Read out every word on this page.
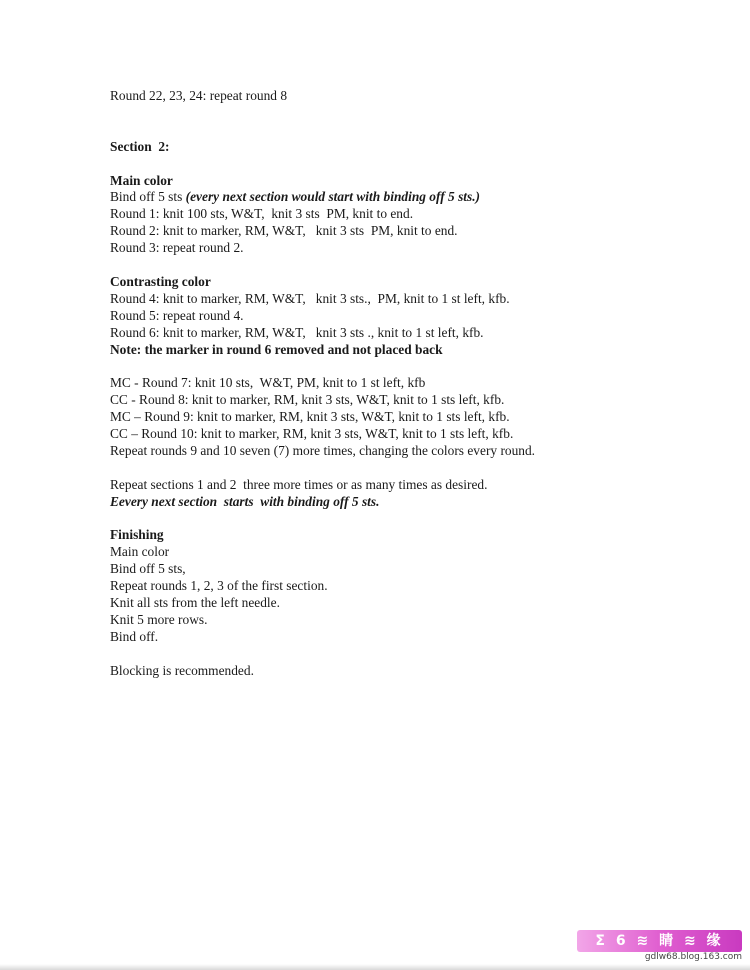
Round 22, 23, 24: repeat round 8
Section  2:
Main color
Bind off 5 sts (every next section would start with binding off 5 sts.)
Round 1: knit 100 sts, W&T,  knit 3 sts  PM, knit to end.
Round 2: knit to marker, RM, W&T,   knit 3 sts  PM, knit to end.
Round 3: repeat round 2.
Contrasting color
Round 4: knit to marker, RM, W&T,   knit 3 sts.,  PM, knit to 1 st left, kfb.
Round 5: repeat round 4.
Round 6: knit to marker, RM, W&T,   knit 3 sts ., knit to 1 st left, kfb.
Note: the marker in round 6 removed and not placed back
MC - Round 7: knit 10 sts,  W&T, PM, knit to 1 st left, kfb
CC - Round 8: knit to marker, RM, knit 3 sts, W&T, knit to 1 sts left, kfb.
MC – Round 9: knit to marker, RM, knit 3 sts, W&T, knit to 1 sts left, kfb.
CC – Round 10: knit to marker, RM, knit 3 sts, W&T, knit to 1 sts left, kfb.
Repeat rounds 9 and 10 seven (7) more times, changing the colors every round.
Repeat sections 1 and 2  three more times or as many times as desired.
Eevery next section  starts  with binding off 5 sts.
Finishing
Main color
Bind off 5 sts,
Repeat rounds 1, 2, 3 of the first section.
Knit all sts from the left needle.
Knit 5 more rows.
Bind off.
Blocking is recommended.
Σ 6 ≋ 睛 ≋ 缘
gdlw68.blog.163.com
